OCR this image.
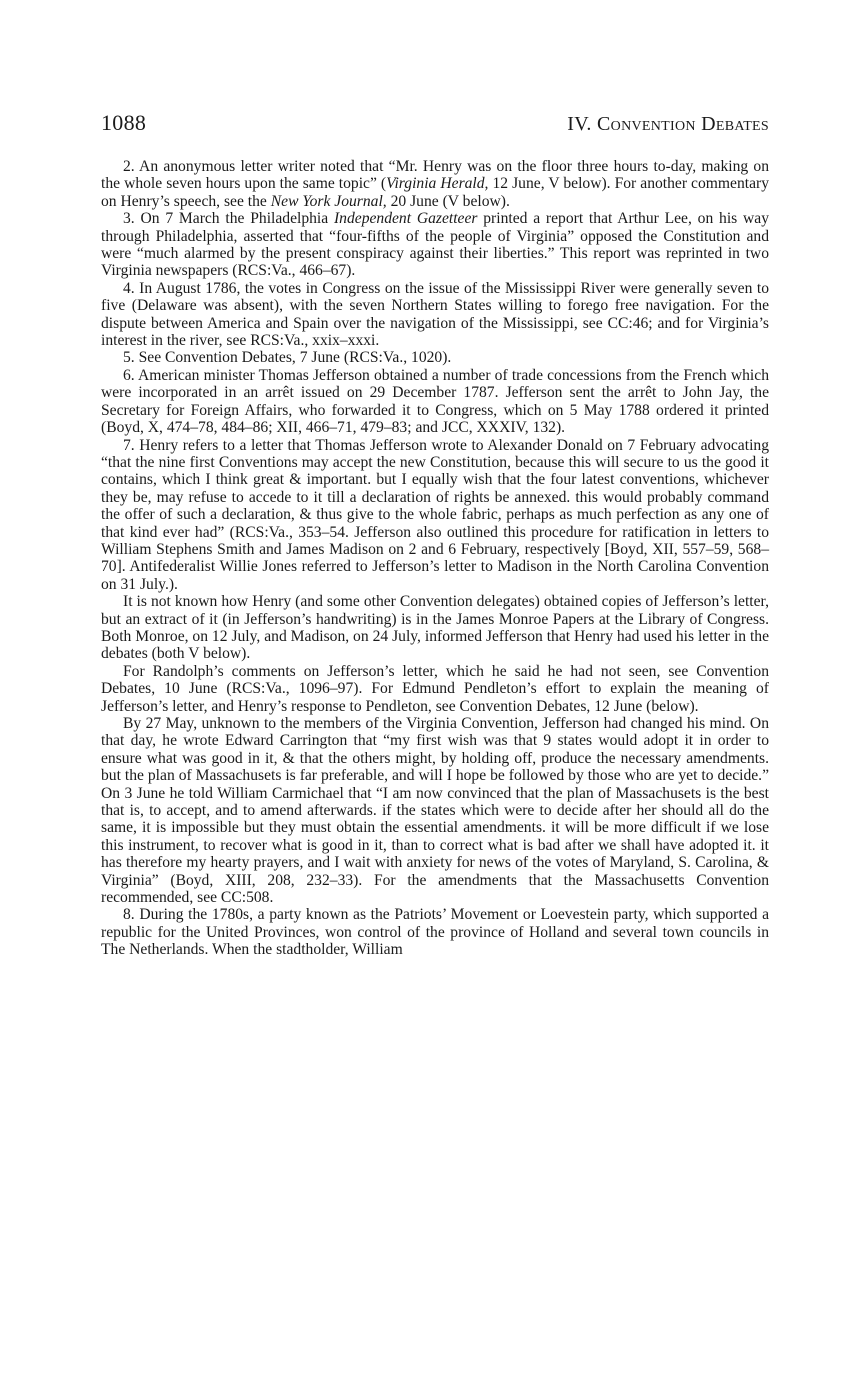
1088	IV. Convention Debates

2. An anonymous letter writer noted that “Mr. Henry was on the floor three hours to-day, making on the whole seven hours upon the same topic” (Virginia Herald, 12 June, V below). For another commentary on Henry’s speech, see the New York Journal, 20 June (V below).

3. On 7 March the Philadelphia Independent Gazetteer printed a report that Arthur Lee, on his way through Philadelphia, asserted that “four-fifths of the people of Virginia” opposed the Constitution and were “much alarmed by the present conspiracy against their liberties.” This report was reprinted in two Virginia newspapers (RCS:Va., 466–67).

4. In August 1786, the votes in Congress on the issue of the Mississippi River were generally seven to five (Delaware was absent), with the seven Northern States willing to forego free navigation. For the dispute between America and Spain over the navigation of the Mississippi, see CC:46; and for Virginia’s interest in the river, see RCS:Va., xxix–xxxi.

5. See Convention Debates, 7 June (RCS:Va., 1020).

6. American minister Thomas Jefferson obtained a number of trade concessions from the French which were incorporated in an arrêt issued on 29 December 1787. Jefferson sent the arrêt to John Jay, the Secretary for Foreign Affairs, who forwarded it to Congress, which on 5 May 1788 ordered it printed (Boyd, X, 474–78, 484–86; XII, 466–71, 479–83; and JCC, XXXIV, 132).

7. Henry refers to a letter that Thomas Jefferson wrote to Alexander Donald on 7 February advocating “that the nine first Conventions may accept the new Constitution, because this will secure to us the good it contains, which I think great & important. but I equally wish that the four latest conventions, whichever they be, may refuse to accede to it till a declaration of rights be annexed. this would probably command the offer of such a declaration, & thus give to the whole fabric, perhaps as much perfection as any one of that kind ever had” (RCS:Va., 353–54. Jefferson also outlined this procedure for ratification in letters to William Stephens Smith and James Madison on 2 and 6 February, respectively [Boyd, XII, 557–59, 568–70]. Antifederalist Willie Jones referred to Jefferson’s letter to Madison in the North Carolina Convention on 31 July.).

It is not known how Henry (and some other Convention delegates) obtained copies of Jefferson’s letter, but an extract of it (in Jefferson’s handwriting) is in the James Monroe Papers at the Library of Congress. Both Monroe, on 12 July, and Madison, on 24 July, informed Jefferson that Henry had used his letter in the debates (both V below).

For Randolph’s comments on Jefferson’s letter, which he said he had not seen, see Convention Debates, 10 June (RCS:Va., 1096–97). For Edmund Pendleton’s effort to explain the meaning of Jefferson’s letter, and Henry’s response to Pendleton, see Convention Debates, 12 June (below).

By 27 May, unknown to the members of the Virginia Convention, Jefferson had changed his mind. On that day, he wrote Edward Carrington that “my first wish was that 9 states would adopt it in order to ensure what was good in it, & that the others might, by holding off, produce the necessary amendments. but the plan of Massachusets is far preferable, and will I hope be followed by those who are yet to decide.” On 3 June he told William Carmichael that “I am now convinced that the plan of Massachusets is the best that is, to accept, and to amend afterwards. if the states which were to decide after her should all do the same, it is impossible but they must obtain the essential amendments. it will be more difficult if we lose this instrument, to recover what is good in it, than to correct what is bad after we shall have adopted it. it has therefore my hearty prayers, and I wait with anxiety for news of the votes of Maryland, S. Carolina, & Virginia” (Boyd, XIII, 208, 232–33). For the amendments that the Massachusetts Convention recommended, see CC:508.

8. During the 1780s, a party known as the Patriots’ Movement or Loevestein party, which supported a republic for the United Provinces, won control of the province of Holland and several town councils in The Netherlands. When the stadtholder, William
